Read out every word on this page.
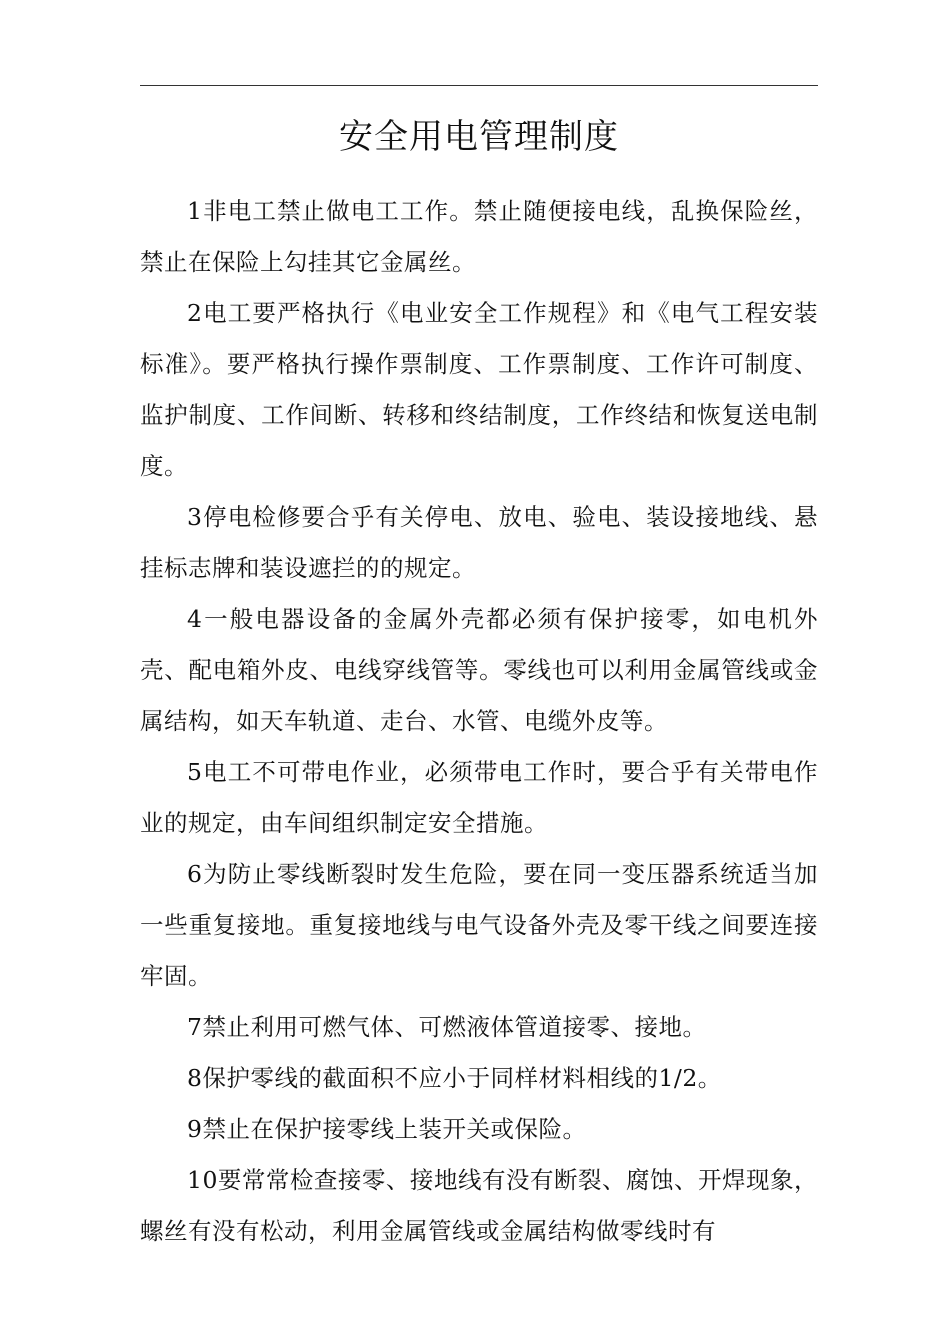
安全用电管理制度

1非电工禁止做电工工作。禁止随便接电线，乱换保险丝，禁止在保险上勾挂其它金属丝。

2电工要严格执行《电业安全工作规程》和《电气工程安装标准》。要严格执行操作票制度、工作票制度、工作许可制度、监护制度、工作间断、转移和终结制度，工作终结和恢复送电制度。

3停电检修要合乎有关停电、放电、验电、装设接地线、悬挂标志牌和装设遮拦的的规定。

4一般电器设备的金属外壳都必须有保护接零，如电机外壳、配电箱外皮、电线穿线管等。零线也可以利用金属管线或金属结构，如天车轨道、走台、水管、电缆外皮等。

5电工不可带电作业，必须带电工作时，要合乎有关带电作业的规定，由车间组织制定安全措施。

6为防止零线断裂时发生危险，要在同一变压器系统适当加一些重复接地。重复接地线与电气设备外壳及零干线之间要连接牢固。

7禁止利用可燃气体、可燃液体管道接零、接地。

8保护零线的截面积不应小于同样材料相线的1/2。

9禁止在保护接零线上装开关或保险。

10要常常检查接零、接地线有没有断裂、腐蚀、开焊现象，螺丝有没有松动，利用金属管线或金属结构做零线时有
